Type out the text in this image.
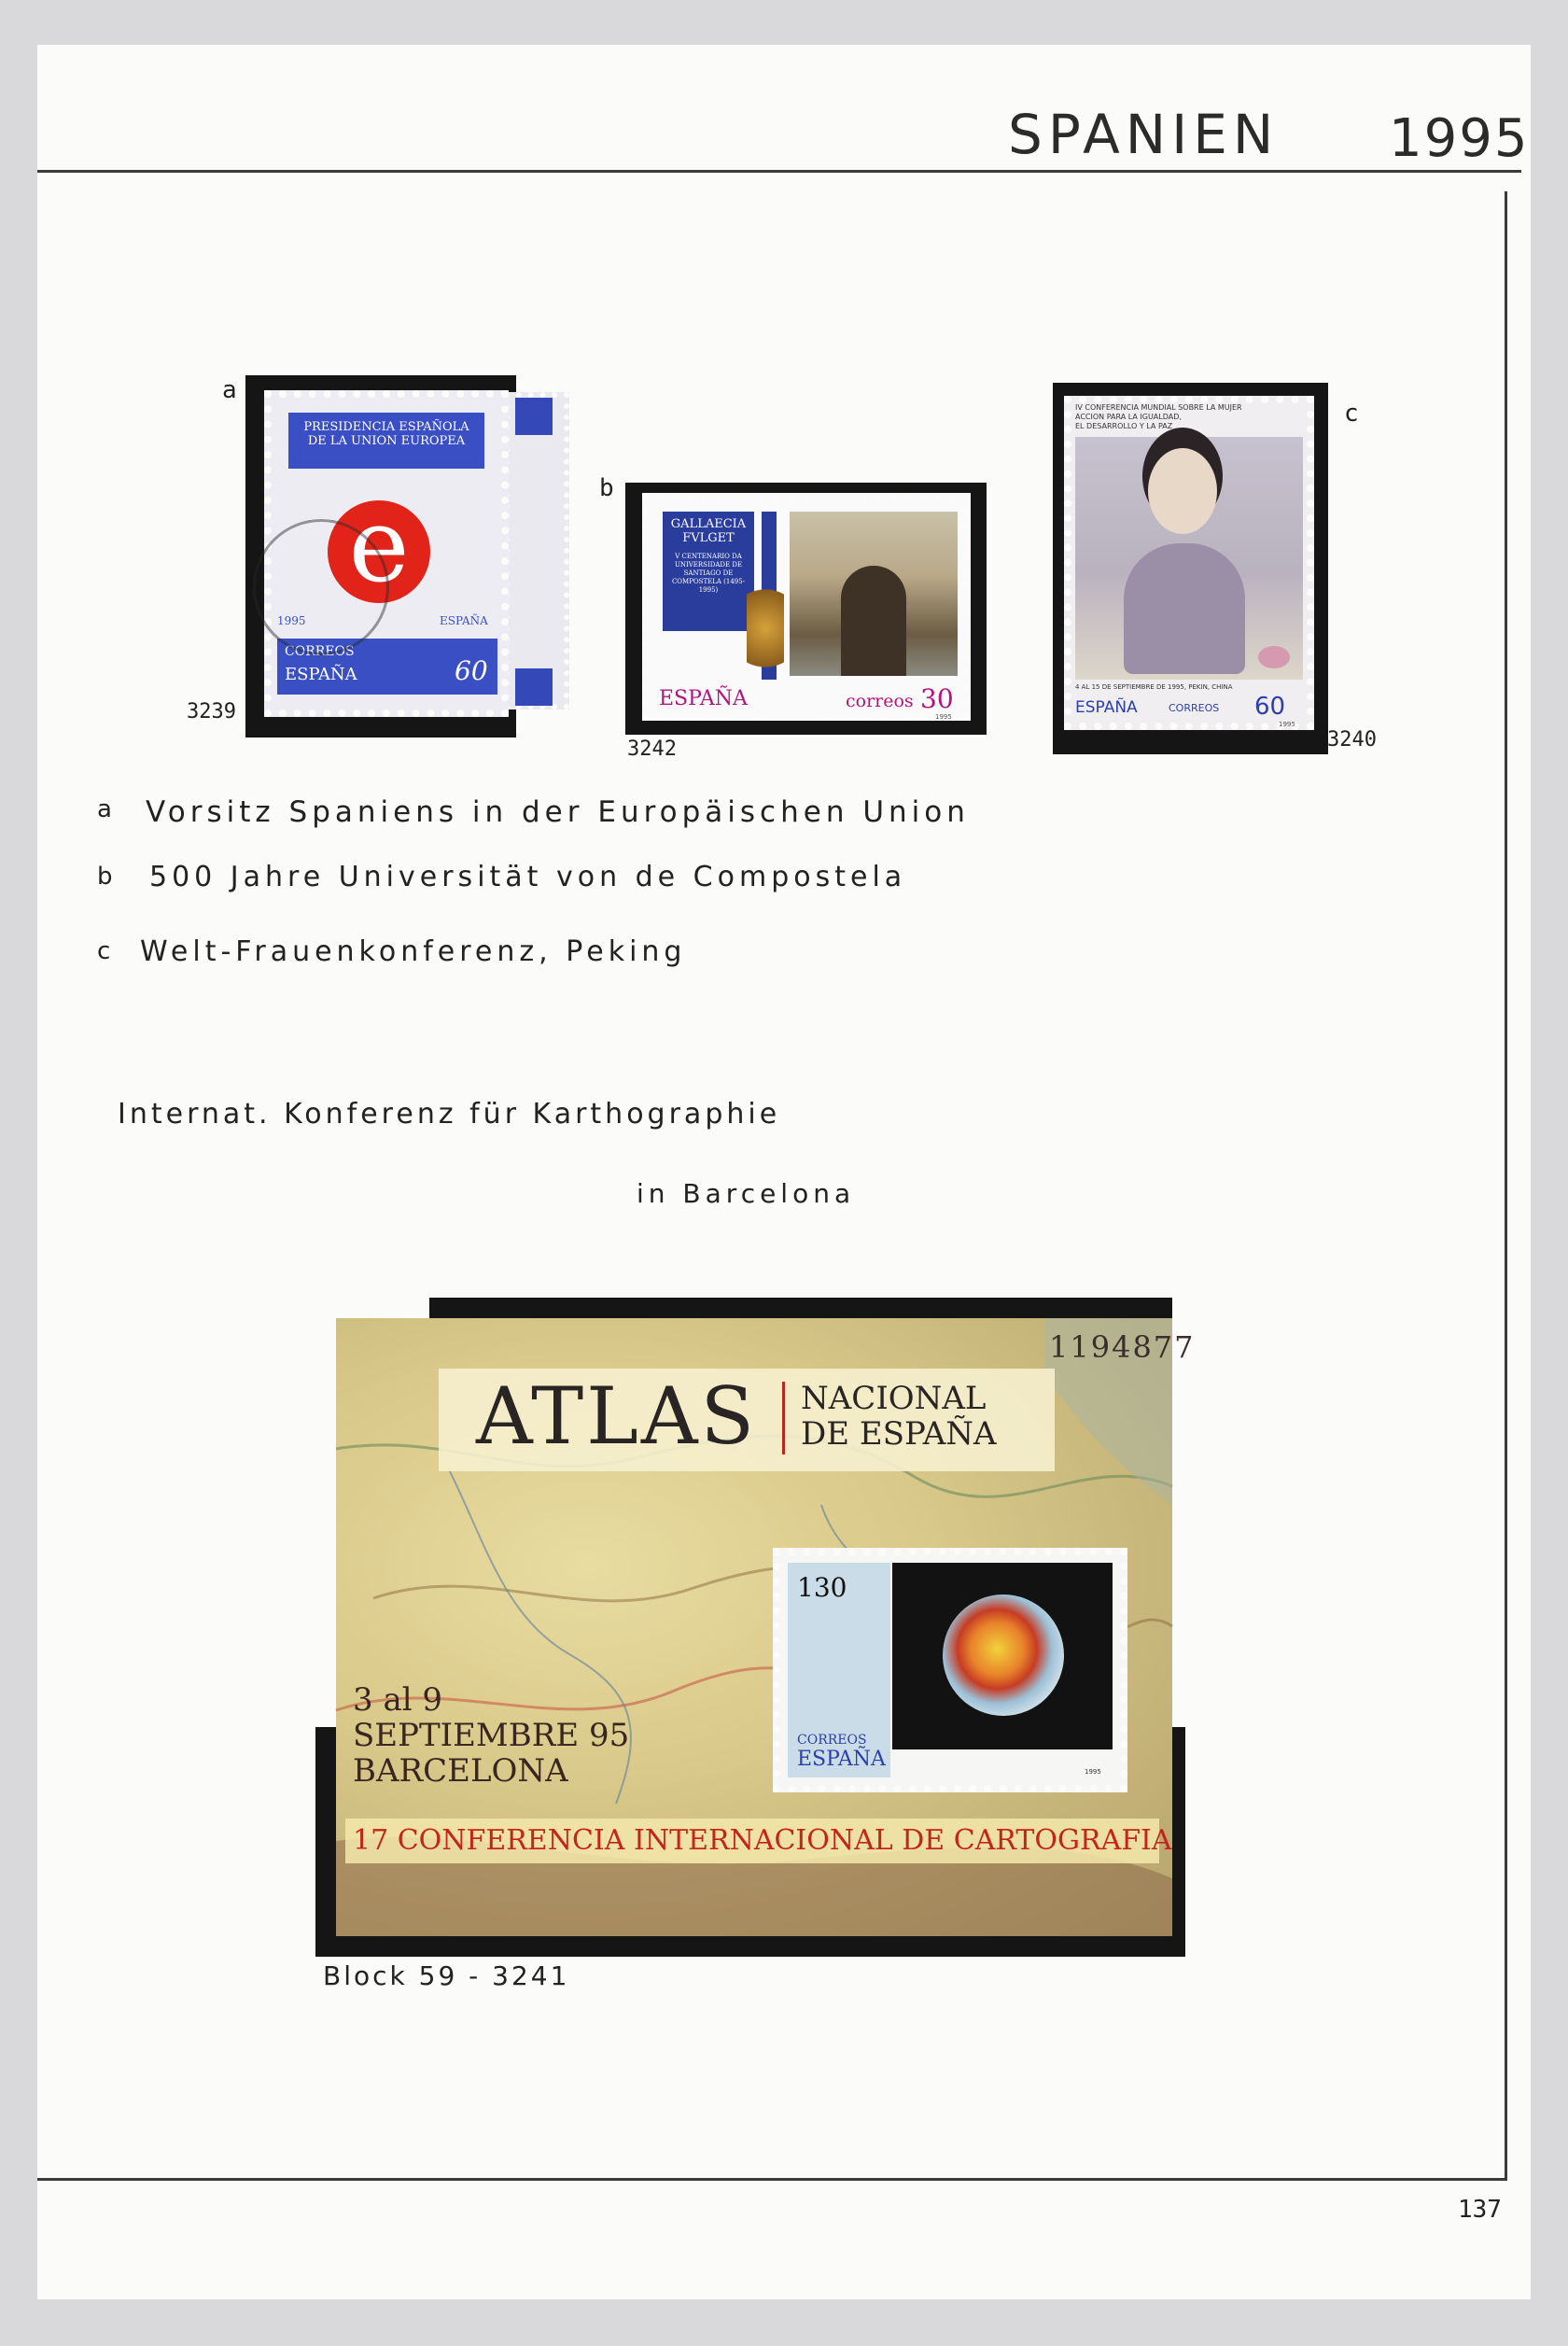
SPANIEN 1995
a
PRESIDENCIA ESPAÑOLA
DE LA UNION EUROPEA
e
1995	ESPAÑA
CORREOS
ESPAÑA	60
3239
b
GALLAECIA
FVLGET
V CENTENARIO DA UNIVERSIDADE DE SANTIAGO DE COMPOSTELA (1495-1995)
ESPAÑA	correos 30
1995
3242
c
IV CONFERENCIA MUNDIAL SOBRE LA MUJER
ACCION PARA LA IGUALDAD,
EL DESARROLLO Y LA PAZ
4 AL 15 DE SEPTIEMBRE DE 1995, PEKIN, CHINA
ESPAÑA	CORREOS 60
1995
3240
a Vorsitz Spaniens in der Europäischen Union
b 500 Jahre Universität von de Compostela
c Welt-Frauenkonferenz, Peking
Internat. Konferenz für Karthographie
in Barcelona
1194877
ATLAS NACIONAL
DE ESPAÑA
3 al 9
SEPTIEMBRE 95
BARCELONA
17 CONFERENCIA INTERNACIONAL DE CARTOGRAFIA
130
CORREOS
ESPAÑA
1995
Block 59 - 3241
137
